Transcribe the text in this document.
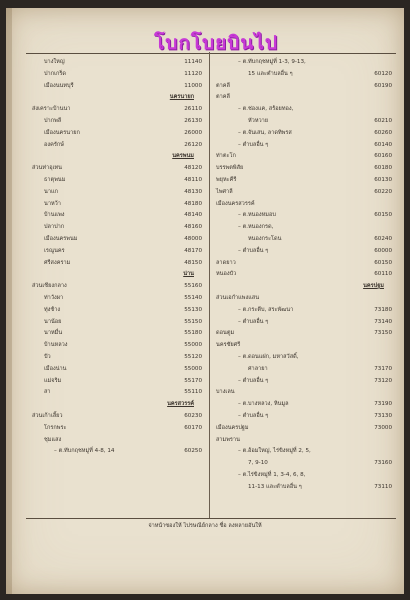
โบกโบยบินไป
บางใหญ่	11140
ปากเกร็ด	11120
เมืองนนทบุรี	11000
นครนายก
ส่งเคราะบ้านนา	26110
ปากพลี	26130
เมืองนครนายก	26000
องครักษ์	26120
นครพนม
ส่วนท่าอุเทน	48120
ธาตุพนม	48110
นาแก	48130
นาหว้า	48180
บ้านแพง	48140
ปลาปาก	48160
เมืองนครพนม	48000
เรณูนคร	48170
ศรีสงคราม	48150
น่าน
ส่วนเชียงกลาง	55160
ท่าวังผา	55140
ทุ่งช้าง	55130
นาน้อย	55150
นาหมื่น	55180
บ้านหลวง	55000
ปัว	55120
เมืองน่าน	55000
แม่จริม	55170
สา	55110
นครสวรรค์
ส่วนเก้าเลี้ยว	60230
โกรกพระ	60170
ชุมแสง
– ต.ทับกฤชหมู่ที่ 4-8, 14	60250
– ต.ทับกฤชหมู่ที่ 1-3, 9-13,
15 และตำบลอื่น ๆ	60120
ตาคลี	60190
ตาคลี
– ต.ช่องแค, สร้อยทอง,
หัวหวาย	60210
– ต.จันเสน, ลาดทิพรส	60260
– ตำบลอื่น ๆ	60140
ท่าตะโก	60160
บรรพตพิสัย	60180
พยุหะคีรี	60130
ไพศาลี	60220
เมืองนครสวรรค์
– ต.หนองหมอบ	60150
– ต.หนองกรด,
หนองกระโดน	60240
– ตำบลอื่น ๆ	60000
ลาดยาว	60150
หนองบัว	60110
นครปฐม
ส่วนเอกำแพงแสน
– ต.กระตีบ, สระพัฒนา	73180
– ตำบลอื่น ๆ	73140
ดอนตูม	73150
นครชัยศรี
– ต.ดอนแฝก, มหาสวัสดิ์,
ศาลายา	73170
– ตำบลอื่น ๆ	73120
บางเลน
– ต.บางหลวง, หินมูล	73190
– ตำบลอื่น ๆ	73130
เมืองนครปฐม	73000
สามพราน
– ต.อ้อมใหญ่, ไร่ขิงหมู่ที่ 2, 5,
7, 9-10	73160
– ต.ไร่ขิงหมู่ที่ 1, 3-4, 6, 8,
11-13 และตำบลอื่น ๆ	73110
จ่าหน้าซองให้ ไปรษณีย์กลาง ชื่อ ลงหลายอันให้
